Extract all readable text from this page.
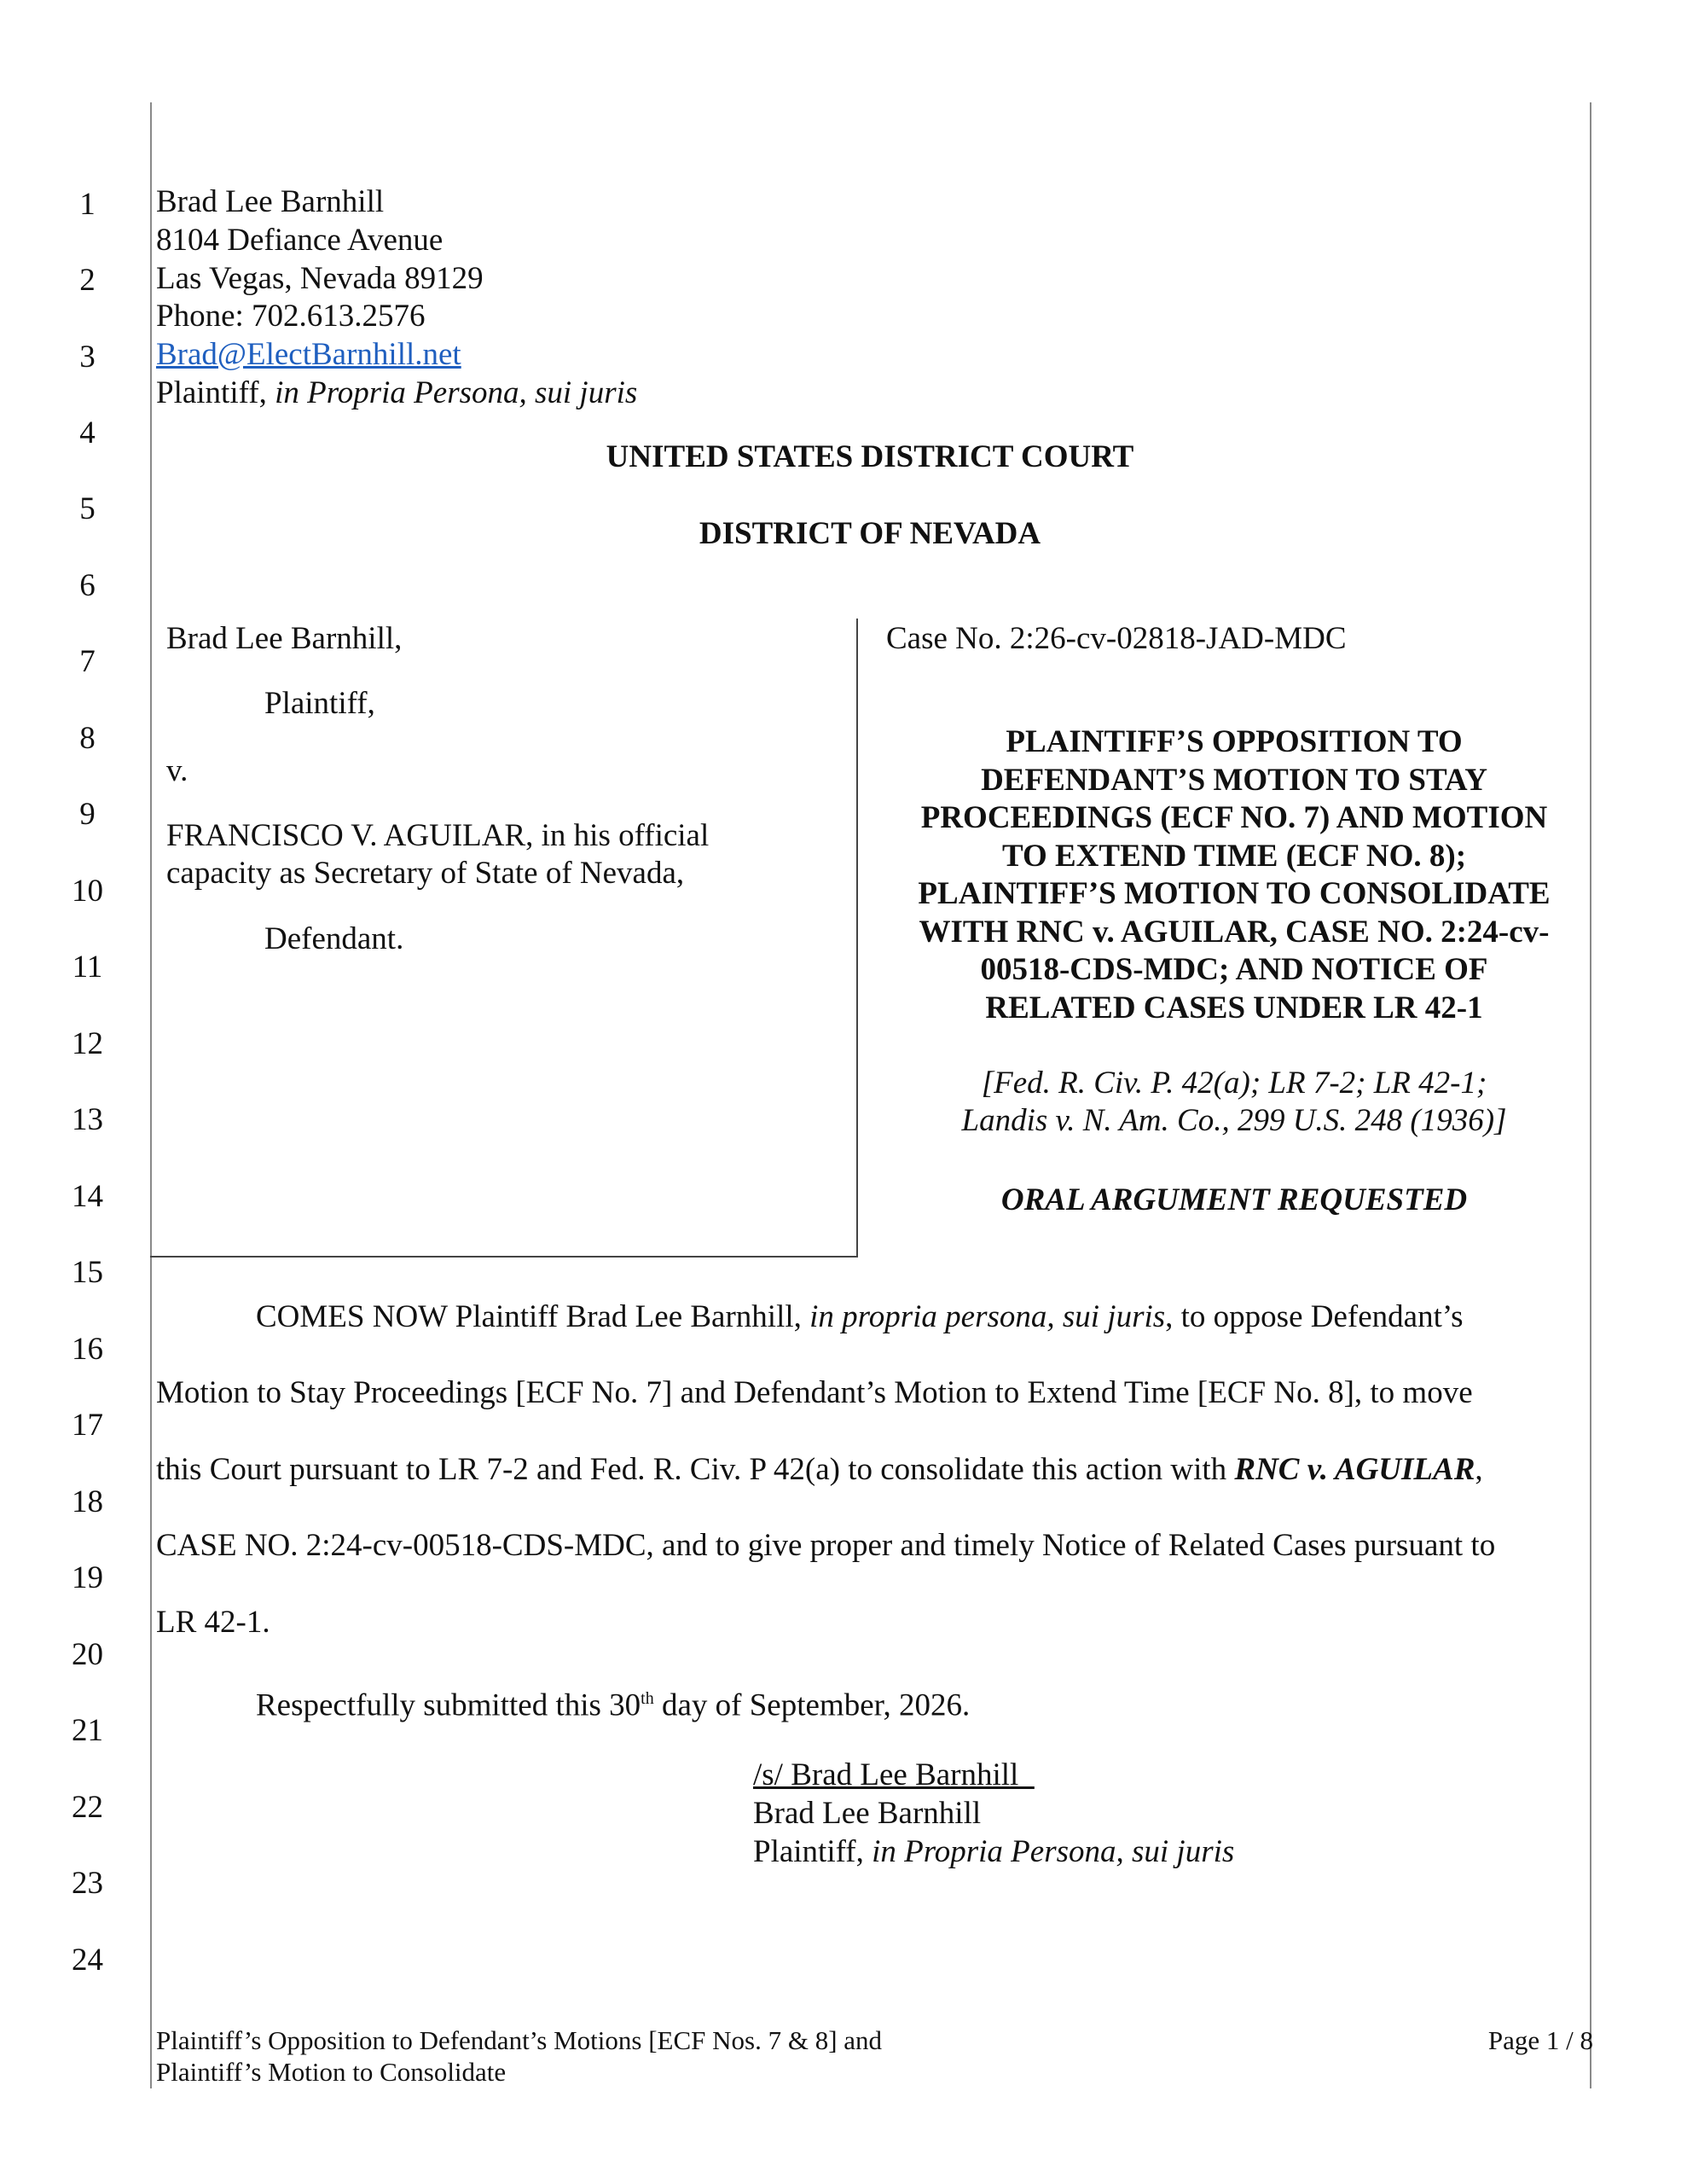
1
2
3
4
5
6
7
8
9
10
11
12
13
14
15
16
17
18
19
20
21
22
23
24
Brad Lee Barnhill
8104 Defiance Avenue
Las Vegas, Nevada 89129
Phone: 702.613.2576
Brad@ElectBarnhill.net
Plaintiff, in Propria Persona, sui juris
UNITED STATES DISTRICT COURT
DISTRICT OF NEVADA
Brad Lee Barnhill,
Plaintiff,
v.
FRANCISCO V. AGUILAR, in his official
capacity as Secretary of State of Nevada,
Defendant.
Case No. 2:26-cv-02818-JAD-MDC
PLAINTIFF’S OPPOSITION TO
DEFENDANT’S MOTION TO STAY
PROCEEDINGS (ECF NO. 7) AND MOTION
TO EXTEND TIME (ECF NO. 8);
PLAINTIFF’S MOTION TO CONSOLIDATE
WITH RNC v. AGUILAR, CASE NO. 2:24-cv-
00518-CDS-MDC; AND NOTICE OF
RELATED CASES UNDER LR 42-1
[Fed. R. Civ. P. 42(a); LR 7-2; LR 42-1;
Landis v. N. Am. Co., 299 U.S. 248 (1936)]
ORAL ARGUMENT REQUESTED
COMES NOW Plaintiff Brad Lee Barnhill, in propria persona, sui juris, to oppose Defendant’s
Motion to Stay Proceedings [ECF No. 7] and Defendant’s Motion to Extend Time [ECF No. 8], to move
this Court pursuant to LR 7-2 and Fed. R. Civ. P 42(a) to consolidate this action with RNC v. AGUILAR,
CASE NO. 2:24-cv-00518-CDS-MDC, and to give proper and timely Notice of Related Cases pursuant to
LR 42-1.
Respectfully submitted this 30th day of September, 2026.
/s/ Brad Lee Barnhill
Brad Lee Barnhill
Plaintiff, in Propria Persona, sui juris
Plaintiff’s Opposition to Defendant’s Motions [ECF Nos. 7 & 8] and
Plaintiff’s Motion to Consolidate
Page 1 / 8
